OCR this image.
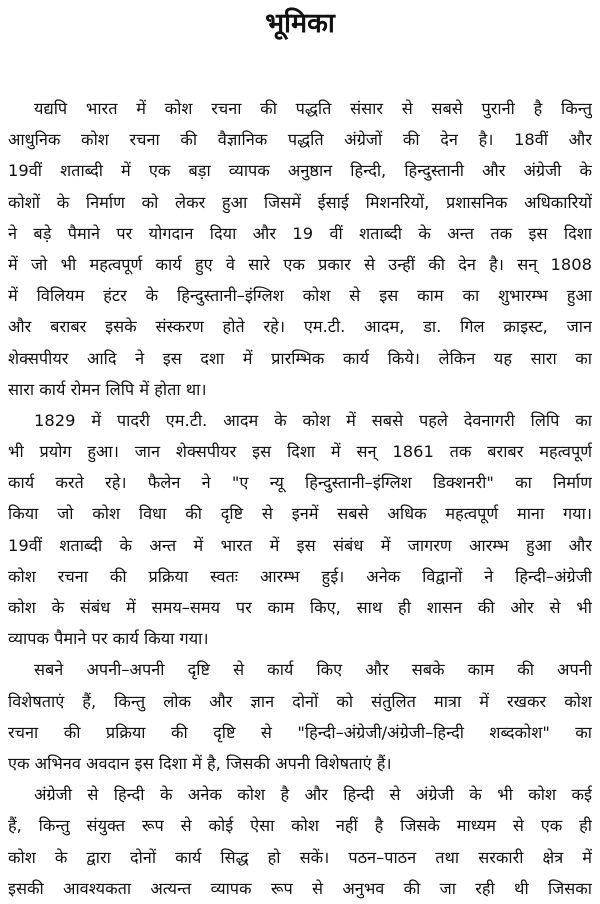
भूमिका
यद्यपि भारत में कोश रचना की पद्धति संसार से सबसे पुरानी है किन्तु
आधुनिक कोश रचना की वैज्ञानिक पद्धति अंग्रेजों की देन है। 18वीं और
19वीं शताब्दी में एक बड़ा व्यापक अनुष्ठान हिन्दी, हिन्दुस्तानी और अंग्रेजी के
कोशों के निर्माण को लेकर हुआ जिसमें ईसाई मिशनरियों, प्रशासनिक अधिकारियों
ने बड़े पैमाने पर योगदान दिया और 19 वीं शताब्दी के अन्त तक इस दिशा
में जो भी महत्वपूर्ण कार्य हुए वे सारे एक प्रकार से उन्हीं की देन है। सन् 1808
में विलियम हंटर के हिन्दुस्तानी–इंग्लिश कोश से इस काम का शुभारम्भ हुआ
और बराबर इसके संस्करण होते रहे। एम.टी. आदम, डा. गिल क्राइस्ट, जान
शेक्सपीयर आदि ने इस दशा में प्रारम्भिक कार्य किये। लेकिन यह सारा का
सारा कार्य रोमन लिपि में होता था।
1829 में पादरी एम.टी. आदम के कोश में सबसे पहले देवनागरी लिपि का
भी प्रयोग हुआ। जान शेक्सपीयर इस दिशा में सन् 1861 तक बराबर महत्वपूर्ण
कार्य करते रहे। फैलेन ने "ए न्यू हिन्दुस्तानी–इंग्लिश डिक्शनरी" का निर्माण
किया जो कोश विधा की दृष्टि से इनमें सबसे अधिक महत्वपूर्ण माना गया।
19वीं शताब्दी के अन्त में भारत में इस संबंध में जागरण आरम्भ हुआ और
कोश रचना की प्रक्रिया स्वतः आरम्भ हुई। अनेक विद्वानों ने हिन्दी–अंग्रेजी
कोश के संबंध में समय–समय पर काम किए, साथ ही शासन की ओर से भी
व्यापक पैमाने पर कार्य किया गया।
सबने अपनी–अपनी दृष्टि से कार्य किए और सबके काम की अपनी
विशेषताएं हैं, किन्तु लोक और ज्ञान दोनों को संतुलित मात्रा में रखकर कोश
रचना की प्रक्रिया की दृष्टि से "हिन्दी–अंग्रेजी/अंग्रेजी–हिन्दी शब्दकोश" का
एक अभिनव अवदान इस दिशा में है, जिसकी अपनी विशेषताएं हैं।
अंग्रेजी से हिन्दी के अनेक कोश है और हिन्दी से अंग्रेजी के भी कोश कई
हैं, किन्तु संयुक्त रूप से कोई ऐसा कोश नहीं है जिसके माध्यम से एक ही
कोश के द्वारा दोनों कार्य सिद्ध हो सकें। पठन–पाठन तथा सरकारी क्षेत्र में
इसकी आवश्यकता अत्यन्त व्यापक रूप से अनुभव की जा रही थी जिसका
